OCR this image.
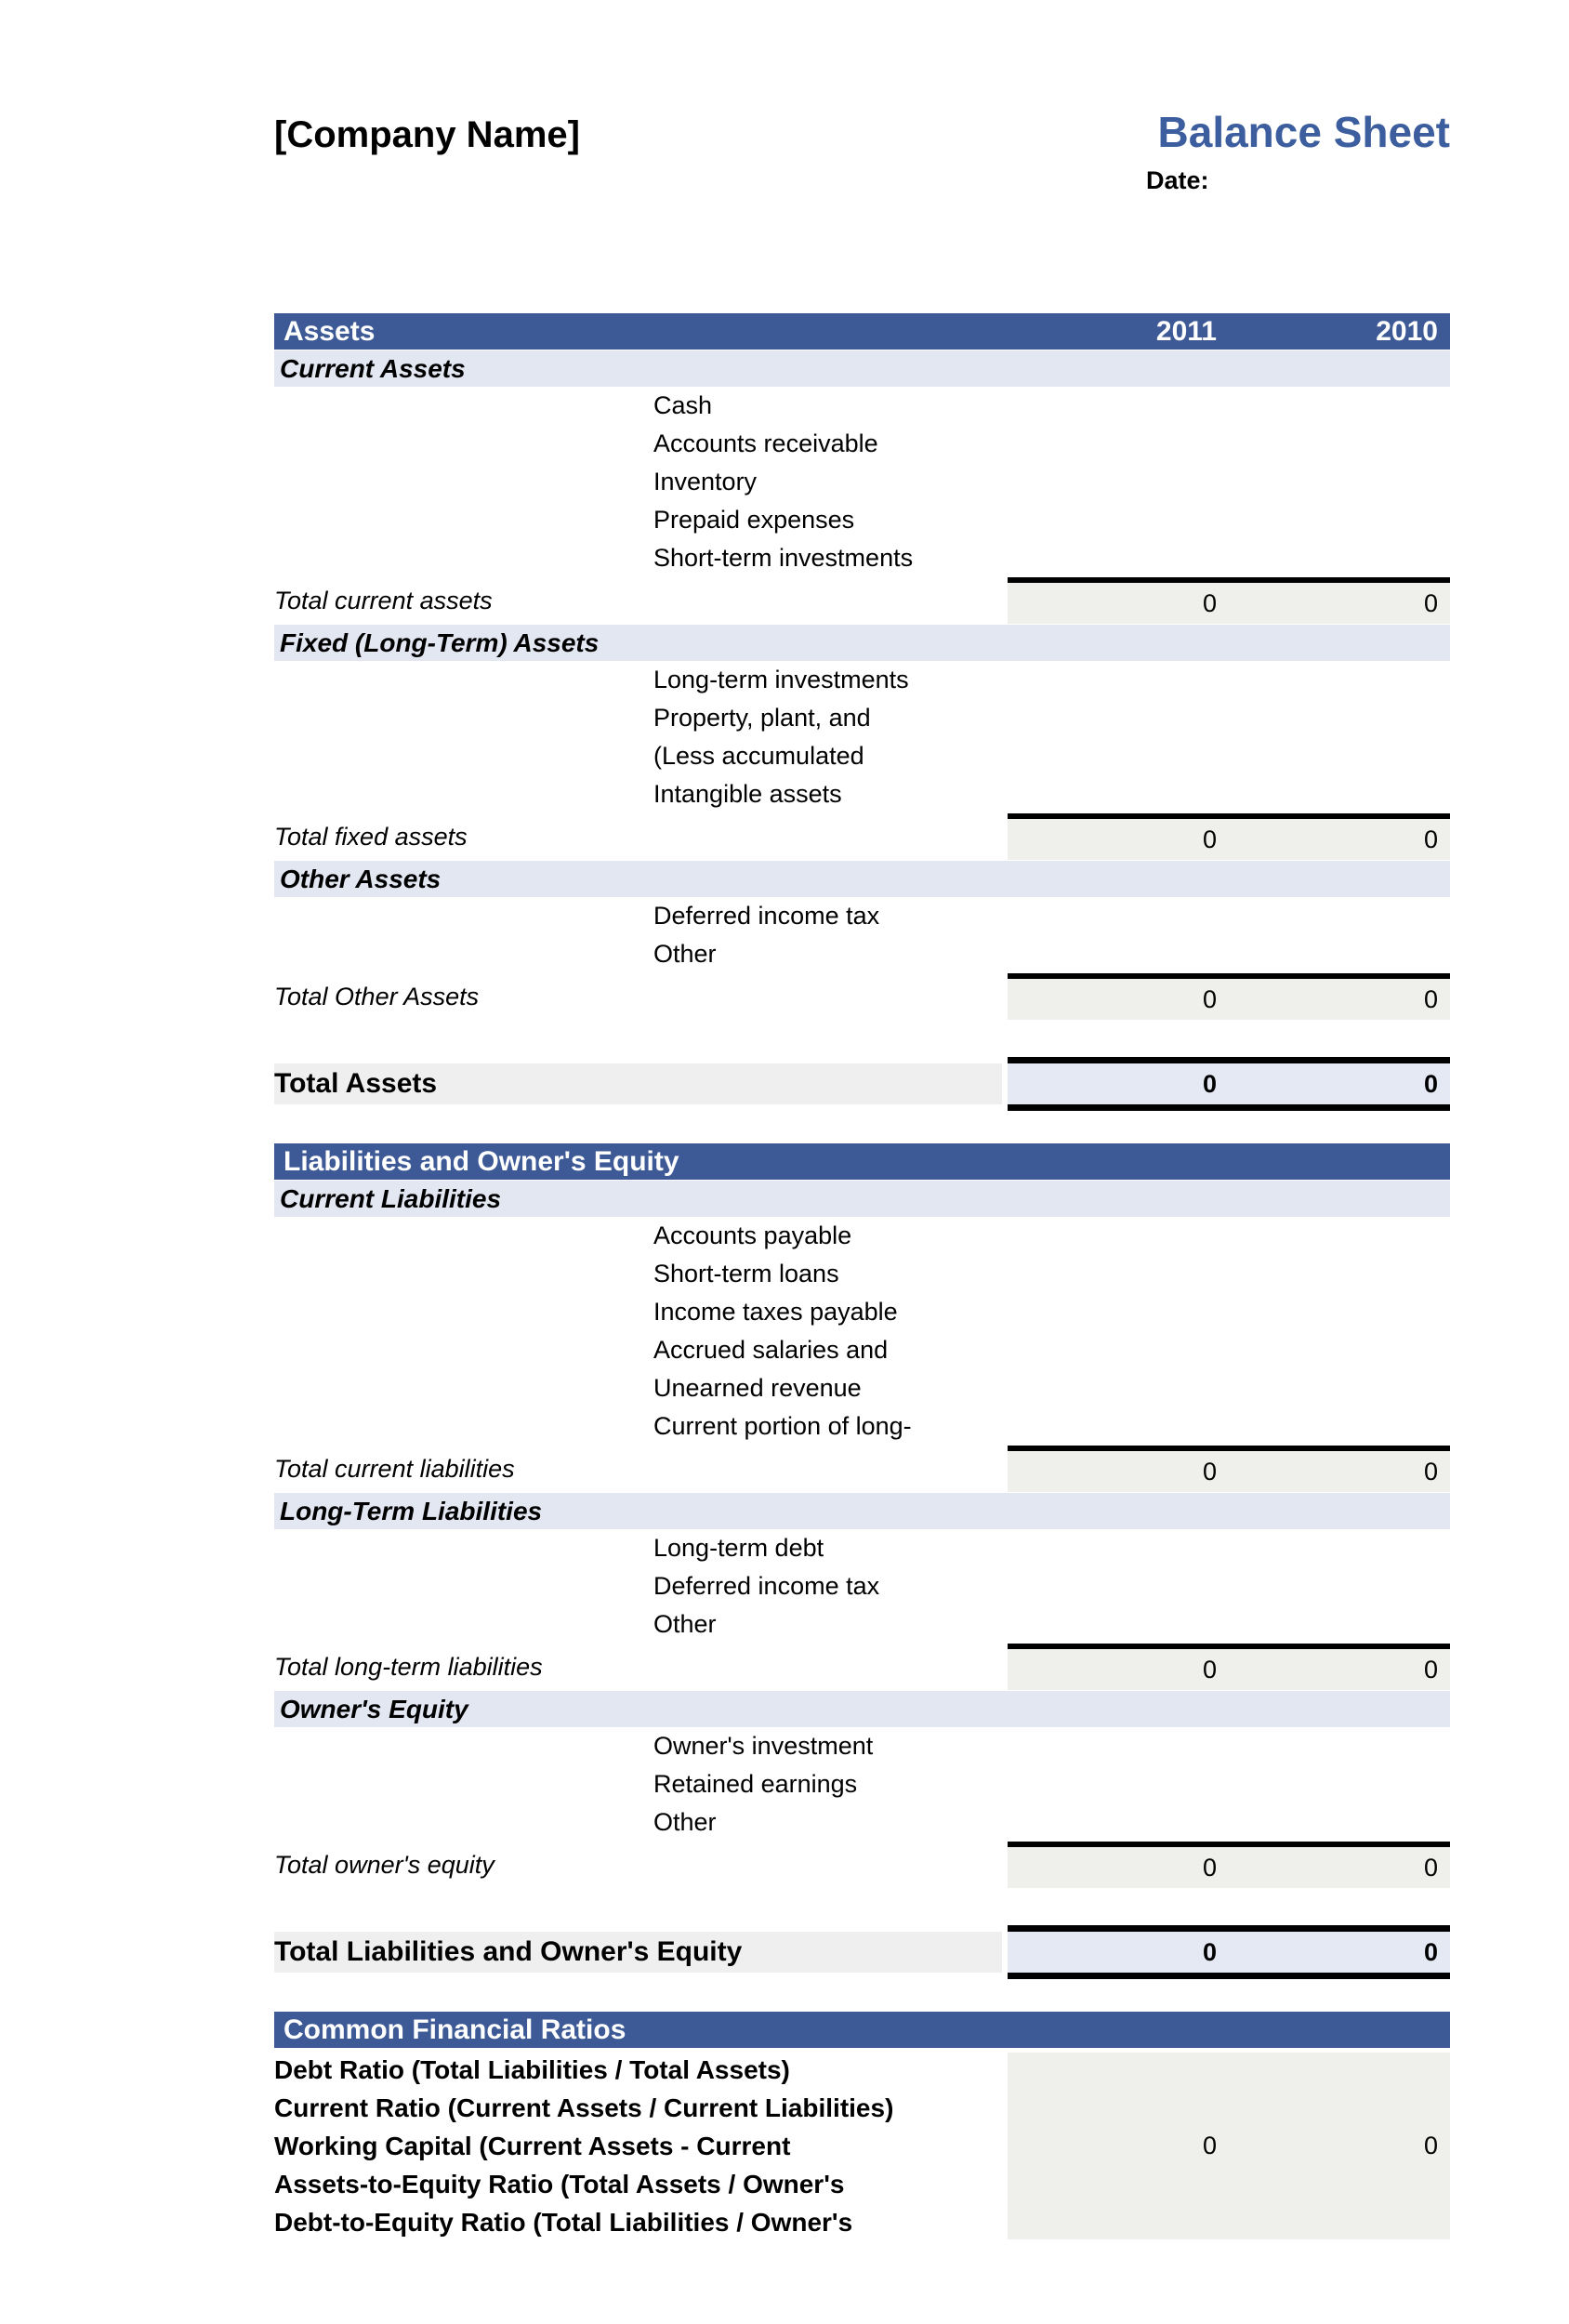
[Company Name]	Balance Sheet
Date:
Assets	2011	2010
Current Assets
Cash
Accounts receivable
Inventory
Prepaid expenses
Short-term investments
Total current assets	0	0
Fixed (Long-Term) Assets
Long-term investments
Property, plant, and
(Less accumulated
Intangible assets
Total fixed assets	0	0
Other Assets
Deferred income tax
Other
Total Other Assets	0	0
Total Assets	0	0
Liabilities and Owner's Equity
Current Liabilities
Accounts payable
Short-term loans
Income taxes payable
Accrued salaries and
Unearned revenue
Current portion of long-
Total current liabilities	0	0
Long-Term Liabilities
Long-term debt
Deferred income tax
Other
Total long-term liabilities	0	0
Owner's Equity
Owner's investment
Retained earnings
Other
Total owner's equity	0	0
Total Liabilities and Owner's Equity	0	0
Common Financial Ratios
Debt Ratio (Total Liabilities / Total Assets)
Current Ratio (Current Assets / Current Liabilities)
Working Capital (Current Assets - Current
Assets-to-Equity Ratio (Total Assets / Owner's
Debt-to-Equity Ratio (Total Liabilities / Owner's
0	0
